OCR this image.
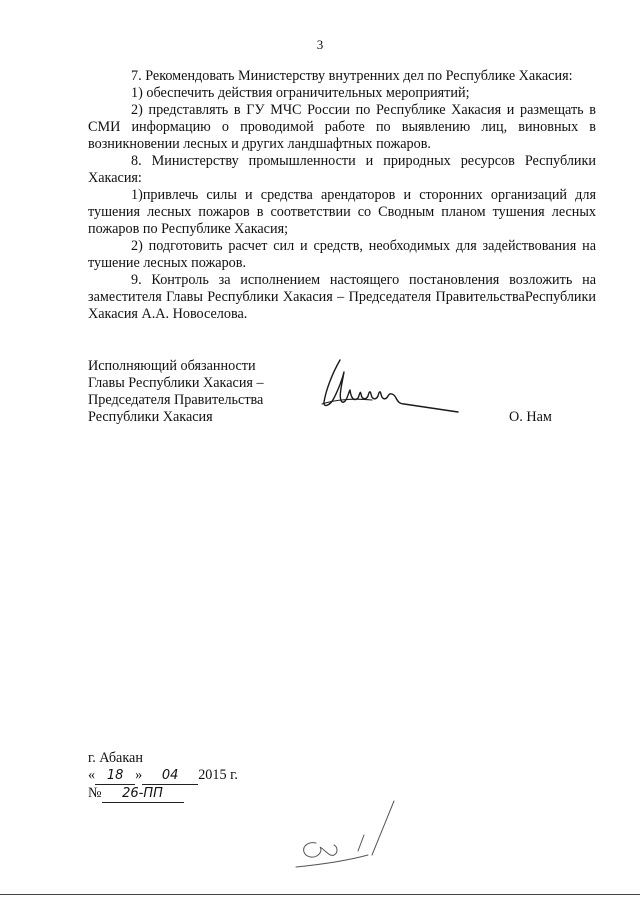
3

7. Рекомендовать Министерству внутренних дел по Республике Хакасия:

1) обеспечить действия ограничительных мероприятий;

2) представлять в ГУ МЧС России по Республике Хакасия и размещать в СМИ информацию о проводимой работе по выявлению лиц, виновных в возникновении лесных и других ландшафтных пожаров.

8. Министерству промышленности и природных ресурсов Республики Хакасия:

1)привлечь силы и средства арендаторов и сторонних организаций для тушения лесных пожаров в соответствии со Сводным планом тушения лесных пожаров по Республике Хакасия;

2) подготовить расчет сил и средств, необходимых для задействования на тушение лесных пожаров.

9. Контроль за исполнением настоящего постановления возложить на заместителя Главы Республики Хакасия – Председателя ПравительстваРеспублики Хакасия А.А. Новоселова.

Исполняющий обязанности
Главы Республики Хакасия –
Председателя Правительства
Республики Хакасия	О. Нам
г. Абакан
« 18 » 04 2015 г.
№ 26-ПП
